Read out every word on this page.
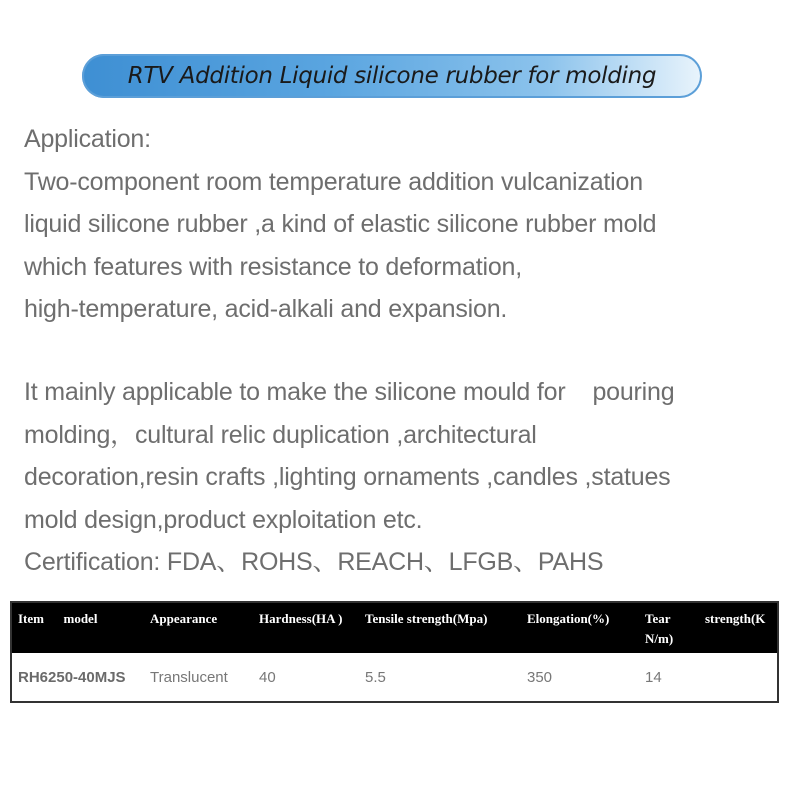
RTV Addition Liquid silicone rubber for molding
Application:
Two-component room temperature addition vulcanization
liquid silicone rubber ,a kind of elastic silicone rubber mold
which features with resistance to deformation,
high-temperature, acid-alkali and expansion.
It mainly applicable to make the silicone mould for    pouring
molding，cultural relic duplication ,architectural
decoration,resin crafts ,lighting ornaments ,candles ,statues
mold design,product exploitation etc.
Certification: FDA、ROHS、REACH、LFGB、PAHS
Item      model	Appearance	Hardness(HA )	Tensile strength(Mpa)	Elongation(%)	Tear N/m)	strength(K
RH6250-40MJS	Translucent	40	5.5	350	14	
